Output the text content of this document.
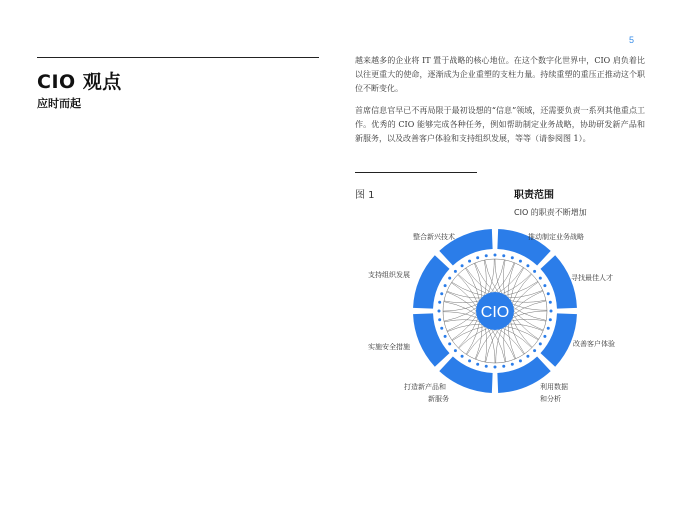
5
CIO 观点
应时而起
越来越多的企业将 IT 置于战略的核心地位。在这个数字化世界中，CIO 肩负着比以往更重大的使命，逐渐成为企业重塑的支柱力量。持续重塑的重压正推动这个职位不断变化。
首席信息官早已不再局限于最初设想的“信息”领域，还需要负责一系列其他重点工作。优秀的 CIO 能够完成各种任务，例如帮助制定业务战略，协助研发新产品和新服务，以及改善客户体验和支持组织发展，等等（请参阅图 1）。
图 1	职责范围
CIO 的职责不断增加
CIO
整合新兴技术	推动制定业务战略
寻找最佳人才
改善客户体验
利用数据
和分析
打造新产品和
新服务
实施安全措施
支持组织发展
